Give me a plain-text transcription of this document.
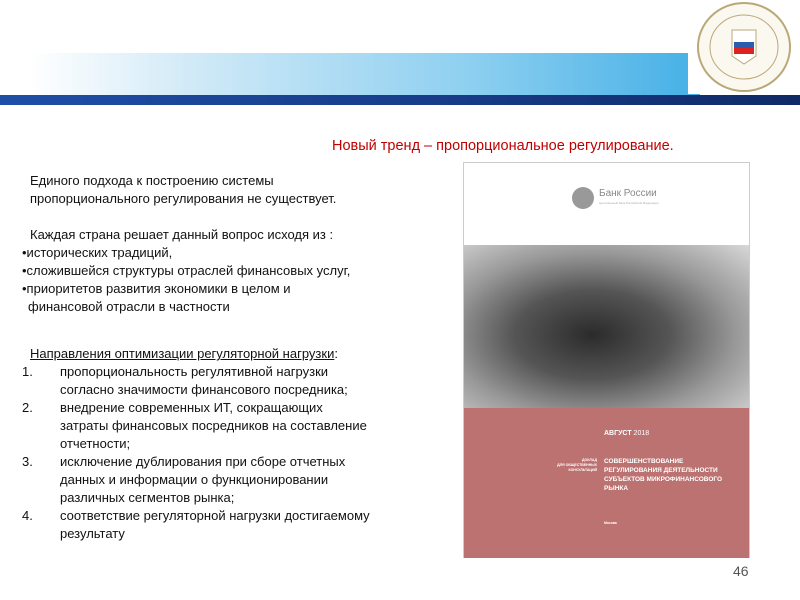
Новый тренд – пропорциональное регулирование.
Единого подхода к построению системы
пропорционального регулирования не существует.
Каждая страна решает данный вопрос исходя из :
•исторических традиций,
•сложившейся структуры отраслей финансовых услуг,
•приоритетов развития экономики в целом и
финансовой отрасли в частности
Направления оптимизации регуляторной нагрузки:
1.	пропорциональность регулятивной нагрузки
согласно значимости финансового посредника;
2.	внедрение современных ИТ, сокращающих
затраты финансовых посредников на составление
отчетности;
3.	исключение дублирования при сборе отчетных
данных и информации о функционировании
различных сегментов рынка;
4.	соответствие регуляторной нагрузки достигаемому
результату
Банк России
Центральный банк Российской Федерации
АВГУСТ 2018
ДОКЛАД
ДЛЯ ОБЩЕСТВЕННЫХ
КОНСУЛЬТАЦИЙ
СОВЕРШЕНСТВОВАНИЕ
РЕГУЛИРОВАНИЯ ДЕЯТЕЛЬНОСТИ
СУБЪЕКТОВ МИКРОФИНАНСОВОГО
РЫНКА
Москва
46
